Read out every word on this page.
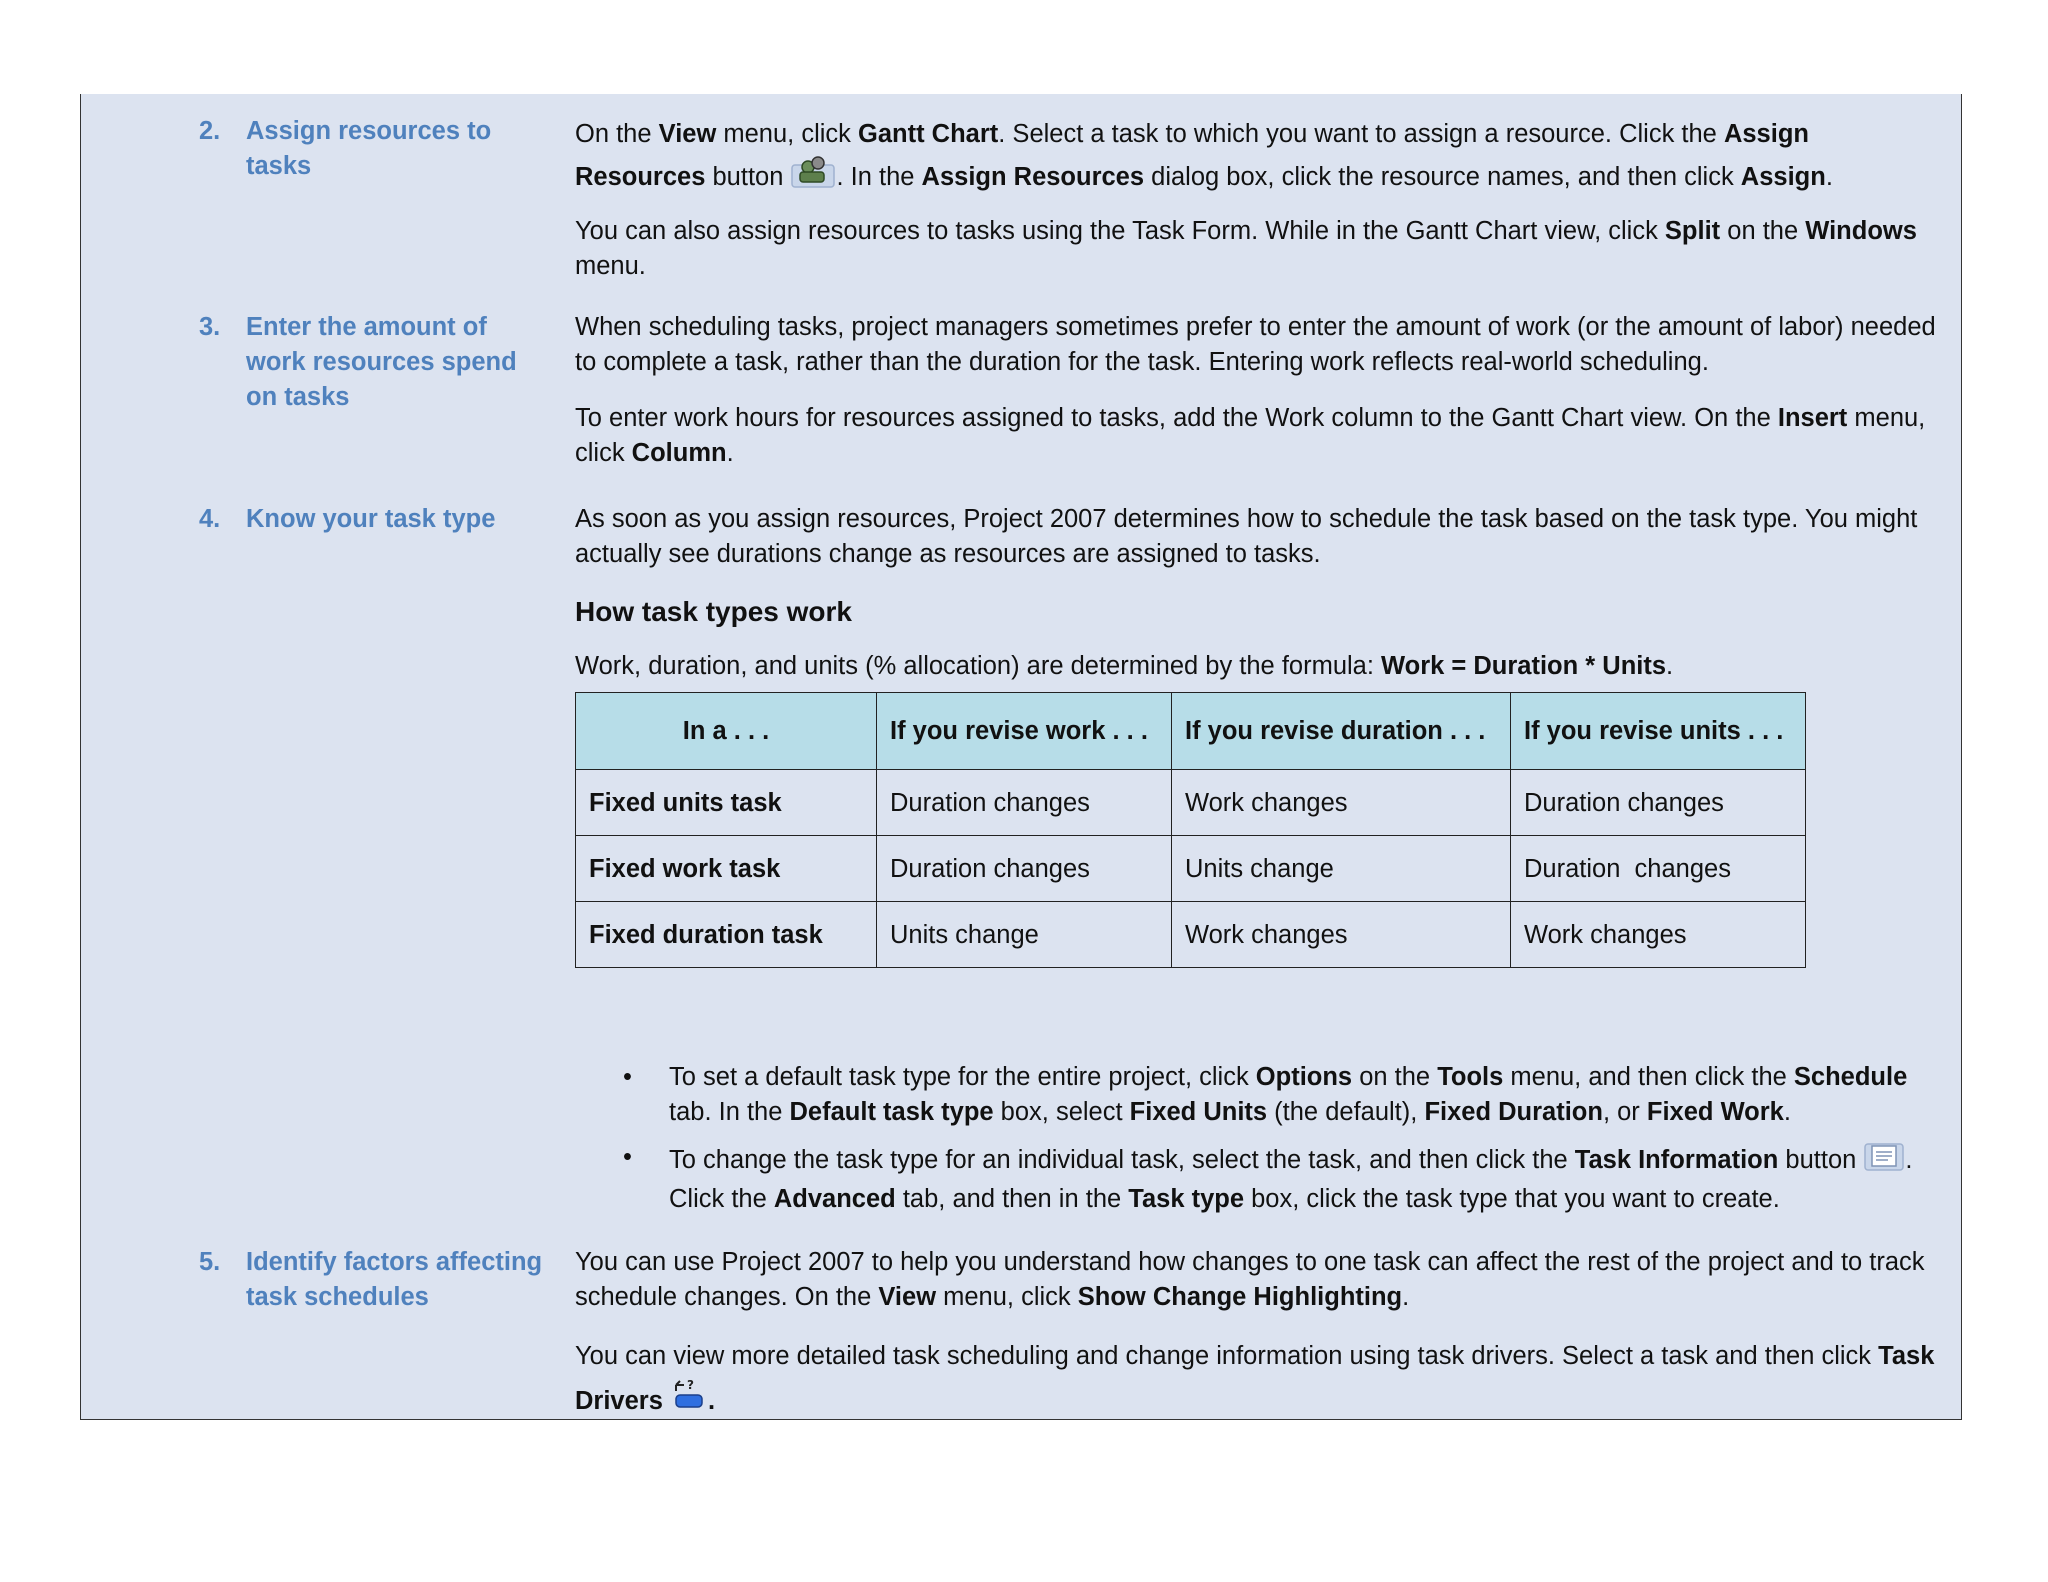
2. Assign resources to tasks

On the View menu, click Gantt Chart. Select a task to which you want to assign a resource. Click the Assign Resources button . In the Assign Resources dialog box, click the resource names, and then click Assign.

You can also assign resources to tasks using the Task Form. While in the Gantt Chart view, click Split on the Windows menu.

3. Enter the amount of work resources spend on tasks

When scheduling tasks, project managers sometimes prefer to enter the amount of work (or the amount of labor) needed to complete a task, rather than the duration for the task. Entering work reflects real-world scheduling.

To enter work hours for resources assigned to tasks, add the Work column to the Gantt Chart view. On the Insert menu, click Column.

4. Know your task type	As soon as you assign resources, Project 2007 determines how to schedule the task based on the task type. You might actually see durations change as resources are assigned to tasks.

How task types work

Work, duration, and units (% allocation) are determined by the formula: Work = Duration * Units.

In a . . .	If you revise work . . .	If you revise duration . . .	If you revise units . . .
Fixed units task	Duration changes	Work changes	Duration changes
Fixed work task	Duration changes	Units change	Duration  changes
Fixed duration task	Units change	Work changes	Work changes
• To set a default task type for the entire project, click Options on the Tools menu, and then click the Schedule tab. In the Default task type box, select Fixed Units (the default), Fixed Duration, or Fixed Work.
• To change the task type for an individual task, select the task, and then click the Task Information button . Click the Advanced tab, and then in the Task type box, click the task type that you want to create.
5. Identify factors affecting task schedules

You can use Project 2007 to help you understand how changes to one task can affect the rest of the project and to track schedule changes. On the View menu, click Show Change Highlighting.

You can view more detailed task scheduling and change information using task drivers. Select a task and then click Task Drivers
?
.
